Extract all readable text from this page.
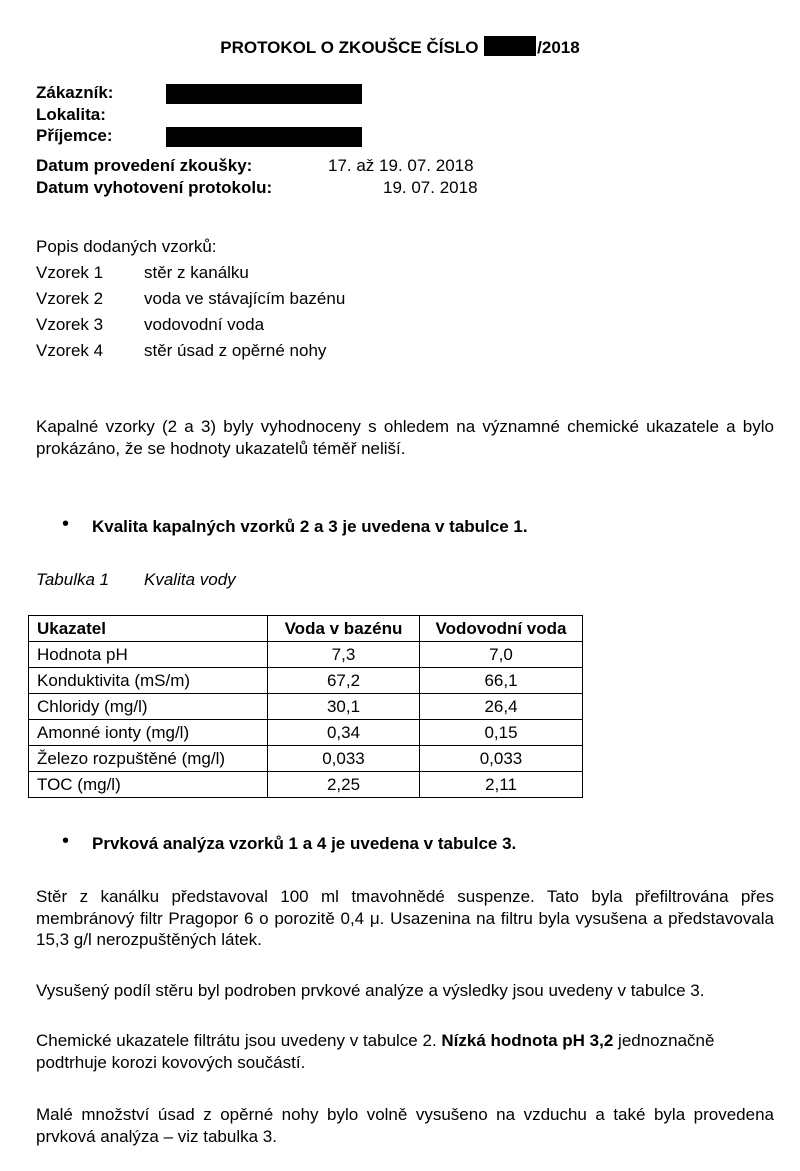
PROTOKOL O ZKOUŠCE ČÍSLO	/2018
Zákazník:
Lokalita:
Příjemce:
Datum provedení zkoušky:	17. až 19. 07. 2018
Datum vyhotovení protokolu:	19. 07. 2018
Popis dodaných vzorků:
Vzorek 1 stěr z kanálku
Vzorek 2 voda ve stávajícím bazénu
Vzorek 3 vodovodní voda
Vzorek 4 stěr úsad z opěrné nohy
Kapalné vzorky (2 a 3) byly vyhodnoceny s ohledem na významné chemické ukazatele a bylo prokázáno, že se hodnoty ukazatelů téměř neliší.
• Kvalita kapalných vzorků 2 a 3 je uvedena v tabulce 1.
Tabulka 1 Kvalita vody
Ukazatel	Voda v bazénu	Vodovodní voda
Hodnota pH	7,3	7,0
Konduktivita (mS/m)	67,2	66,1
Chloridy (mg/l)	30,1	26,4
Amonné ionty (mg/l)	0,34	0,15
Železo rozpuštěné (mg/l)	0,033	0,033
TOC (mg/l)	2,25	2,11
• Prvková analýza vzorků 1 a 4 je uvedena v tabulce 3.
Stěr z kanálku představoval 100 ml tmavohnědé suspenze. Tato byla přefiltrována přes membránový filtr Pragopor 6 o porozitě 0,4 μ. Usazenina na filtru byla vysušena a představovala 15,3 g/l nerozpuštěných látek.
Vysušený podíl stěru byl podroben prvkové analýze a výsledky jsou uvedeny v tabulce 3.
Chemické ukazatele filtrátu jsou uvedeny v tabulce 2. Nízká hodnota pH 3,2 jednoznačně podtrhuje korozi kovových součástí.
Malé množství úsad z opěrné nohy bylo volně vysušeno na vzduchu a také byla provedena prvková analýza – viz tabulka 3.
